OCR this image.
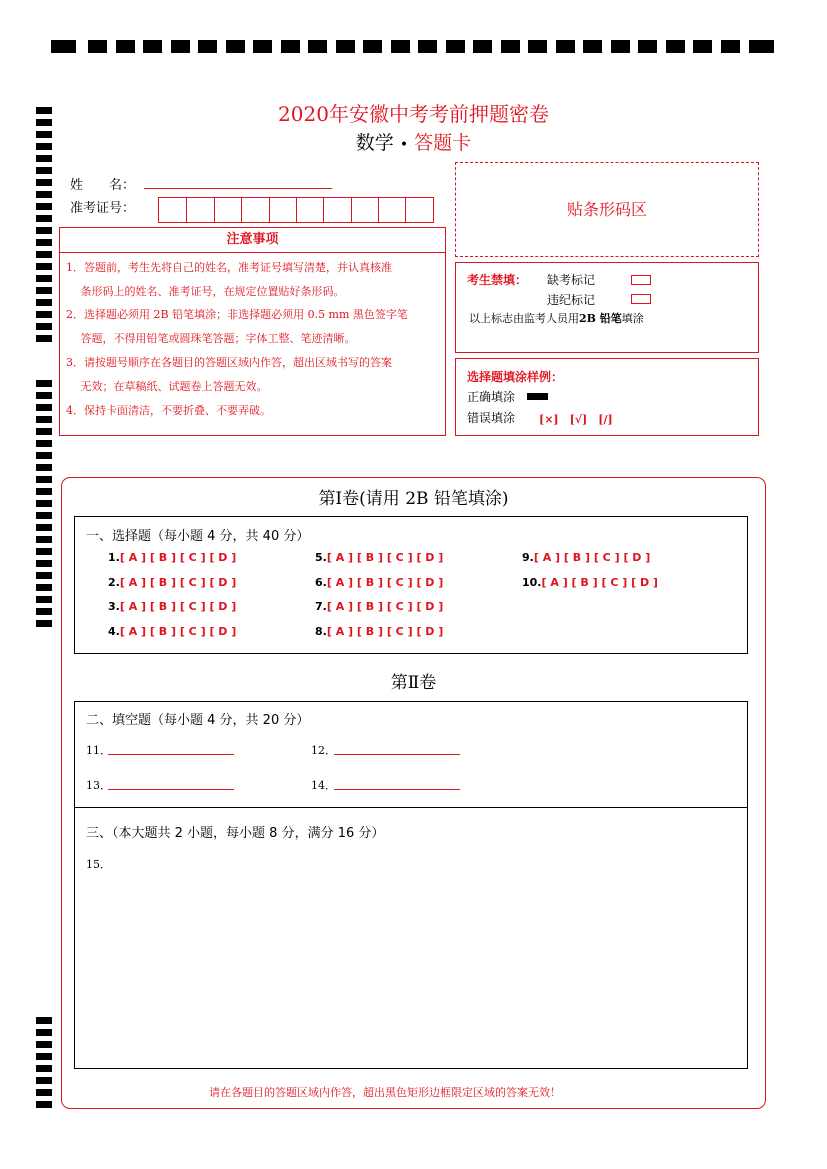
2020年安徽中考考前押题密卷
数学 • 答题卡
姓　　名：
准考证号：	贴条形码区
注意事项
1．答题前，考生先将自己的姓名，准考证号填写清楚，并认真核准
　 条形码上的姓名、准考证号，在规定位置贴好条形码。
2．选择题必须用 2B 铅笔填涂；非选择题必须用 0.5 mm 黑色签字笔
　 答题，不得用铅笔或圆珠笔答题；字体工整、笔迹清晰。
3．请按题号顺序在各题目的答题区域内作答，超出区域书写的答案
　 无效；在草稿纸、试题卷上答题无效。
4．保持卡面清洁，不要折叠、不要弄破。
考生禁填： 缺考标记
违纪标记
以上标志由监考人员用2B 铅笔填涂
选择题填涂样例：
正确填涂
错误填涂 [×]　[√]　[/]
第Ⅰ卷(请用 2B 铅笔填涂)
一、选择题（每小题 4 分，共 40 分）
1.[ A ] [ B ] [ C ] [ D ]
2.[ A ] [ B ] [ C ] [ D ]
3.[ A ] [ B ] [ C ] [ D ]
4.[ A ] [ B ] [ C ] [ D ]
5.[ A ] [ B ] [ C ] [ D ]
6.[ A ] [ B ] [ C ] [ D ]
7.[ A ] [ B ] [ C ] [ D ]
8.[ A ] [ B ] [ C ] [ D ]
9.[ A ] [ B ] [ C ] [ D ]
10.[ A ] [ B ] [ C ] [ D ]
第Ⅱ卷
二、填空题（每小题 4 分，共 20 分）
三、（本大题共 2 小题，每小题 8 分，满分 16 分）
11．	12．
13．	14．
15．
请在各题目的答题区域内作答，超出黑色矩形边框限定区域的答案无效！
